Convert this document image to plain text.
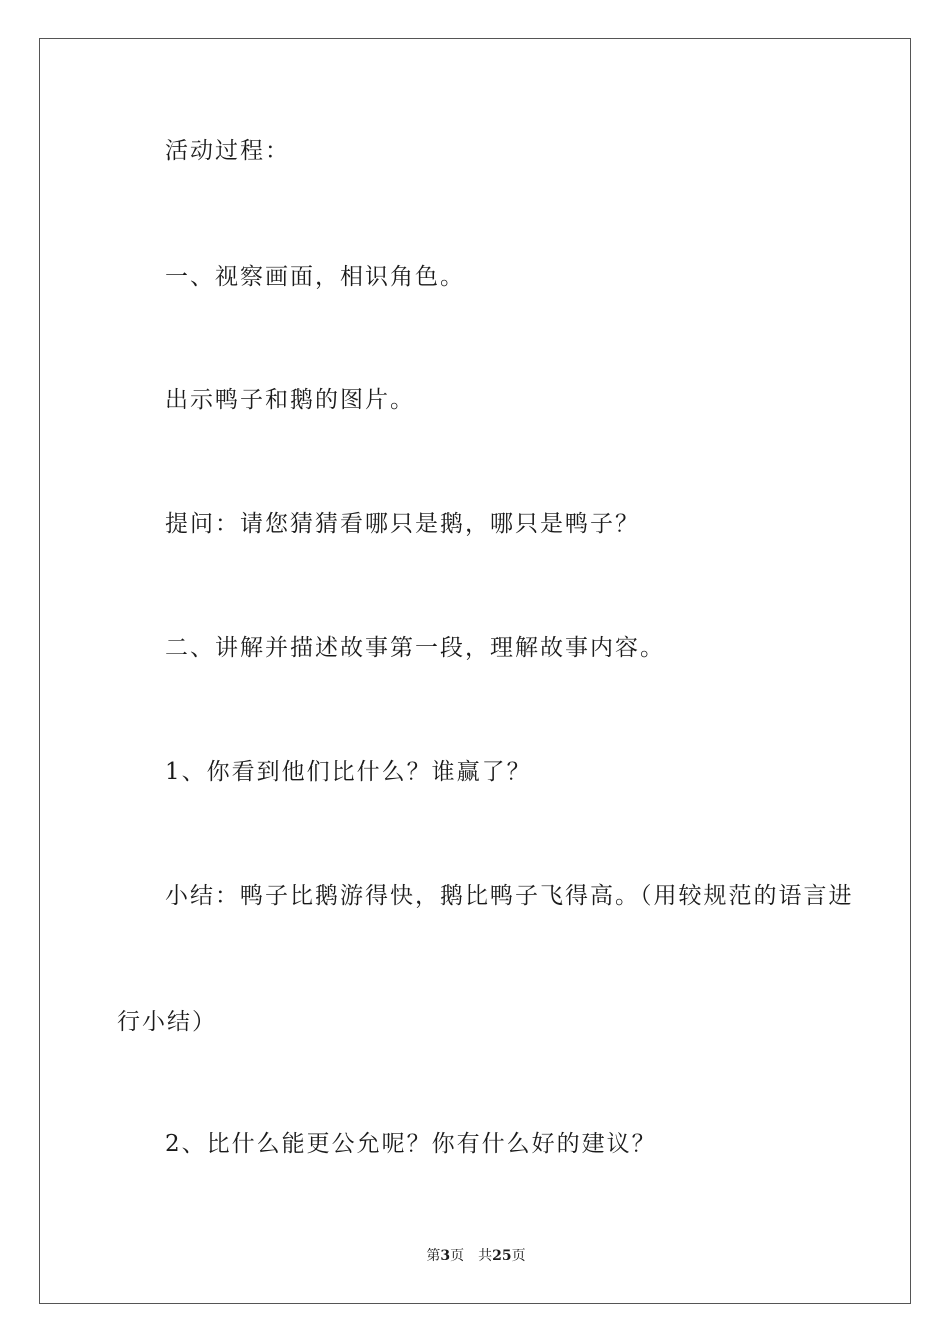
活动过程：

一、视察画面，相识角色。

出示鸭子和鹅的图片。

提问：请您猜猜看哪只是鹅，哪只是鸭子？

二、讲解并描述故事第一段，理解故事内容。

1、你看到他们比什么？谁赢了？

小结：鸭子比鹅游得快，鹅比鸭子飞得高。（用较规范的语言进

行小结）

2、比什么能更公允呢？你有什么好的建议？

第3页 共25页
